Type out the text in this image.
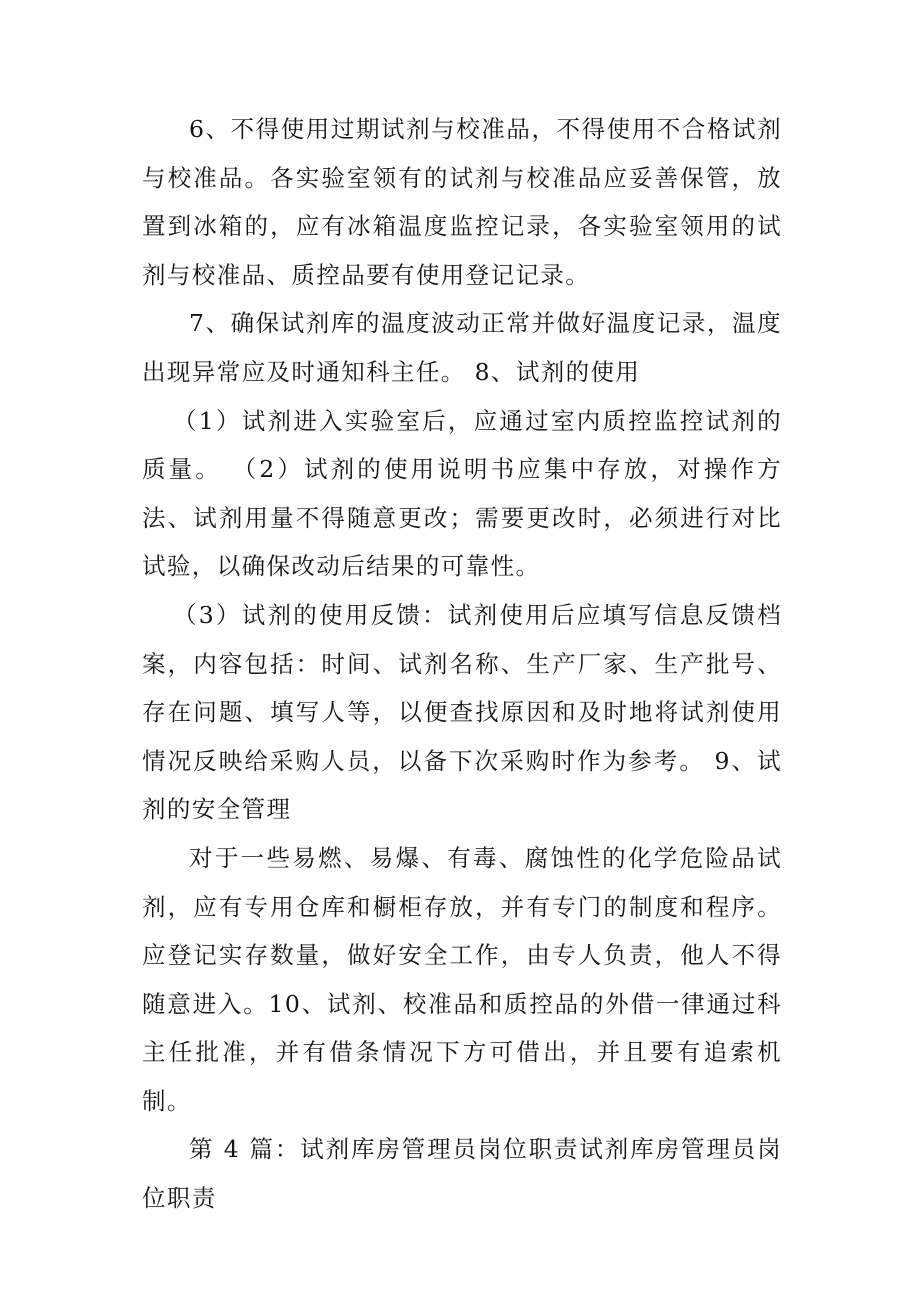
6、不得使用过期试剂与校准品，不得使用不合格试剂与校准品。各实验室领有的试剂与校准品应妥善保管，放置到冰箱的，应有冰箱温度监控记录，各实验室领用的试剂与校准品、质控品要有使用登记记录。

7、确保试剂库的温度波动正常并做好温度记录，温度出现异常应及时通知科主任。 8、试剂的使用

（1）试剂进入实验室后，应通过室内质控监控试剂的质量。 （2）试剂的使用说明书应集中存放，对操作方法、试剂用量不得随意更改；需要更改时，必须进行对比试验，以确保改动后结果的可靠性。

（3）试剂的使用反馈：试剂使用后应填写信息反馈档案，内容包括：时间、试剂名称、生产厂家、生产批号、存在问题、填写人等，以便查找原因和及时地将试剂使用情况反映给采购人员，以备下次采购时作为参考。 9、试剂的安全管理

对于一些易燃、易爆、有毒、腐蚀性的化学危险品试剂，应有专用仓库和橱柜存放，并有专门的制度和程序。应登记实存数量，做好安全工作，由专人负责，他人不得随意进入。10、试剂、校准品和质控品的外借一律通过科主任批准，并有借条情况下方可借出，并且要有追索机制。

第 4 篇：试剂库房管理员岗位职责试剂库房管理员岗位职责
